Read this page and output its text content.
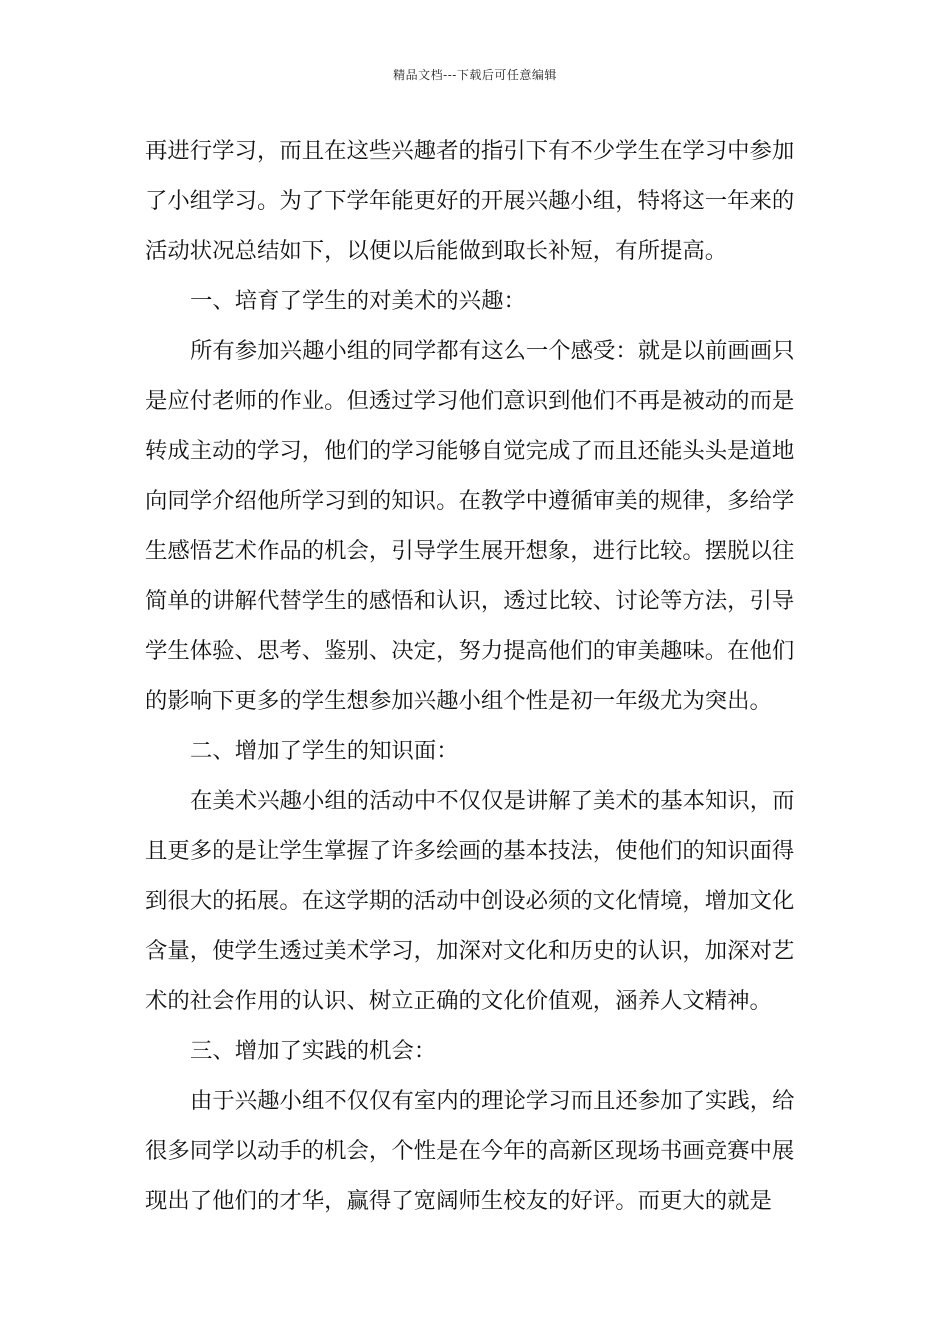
精品文档---下载后可任意编辑
再进行学习，而且在这些兴趣者的指引下有不少学生在学习中参加
了小组学习。为了下学年能更好的开展兴趣小组，特将这一年来的
活动状况总结如下，以便以后能做到取长补短，有所提高。
一、培育了学生的对美术的兴趣：
所有参加兴趣小组的同学都有这么一个感受：就是以前画画只
是应付老师的作业。但透过学习他们意识到他们不再是被动的而是
转成主动的学习，他们的学习能够自觉完成了而且还能头头是道地
向同学介绍他所学习到的知识。在教学中遵循审美的规律，多给学
生感悟艺术作品的机会，引导学生展开想象，进行比较。摆脱以往
简单的讲解代替学生的感悟和认识，透过比较、讨论等方法，引导
学生体验、思考、鉴别、决定，努力提高他们的审美趣味。在他们
的影响下更多的学生想参加兴趣小组个性是初一年级尤为突出。
二、增加了学生的知识面：
在美术兴趣小组的活动中不仅仅是讲解了美术的基本知识，而
且更多的是让学生掌握了许多绘画的基本技法，使他们的知识面得
到很大的拓展。在这学期的活动中创设必须的文化情境，增加文化
含量，使学生透过美术学习，加深对文化和历史的认识，加深对艺
术的社会作用的认识、树立正确的文化价值观，涵养人文精神。
三、增加了实践的机会：
由于兴趣小组不仅仅有室内的理论学习而且还参加了实践，给
很多同学以动手的机会，个性是在今年的高新区现场书画竞赛中展
现出了他们的才华，赢得了宽阔师生校友的好评。而更大的就是
